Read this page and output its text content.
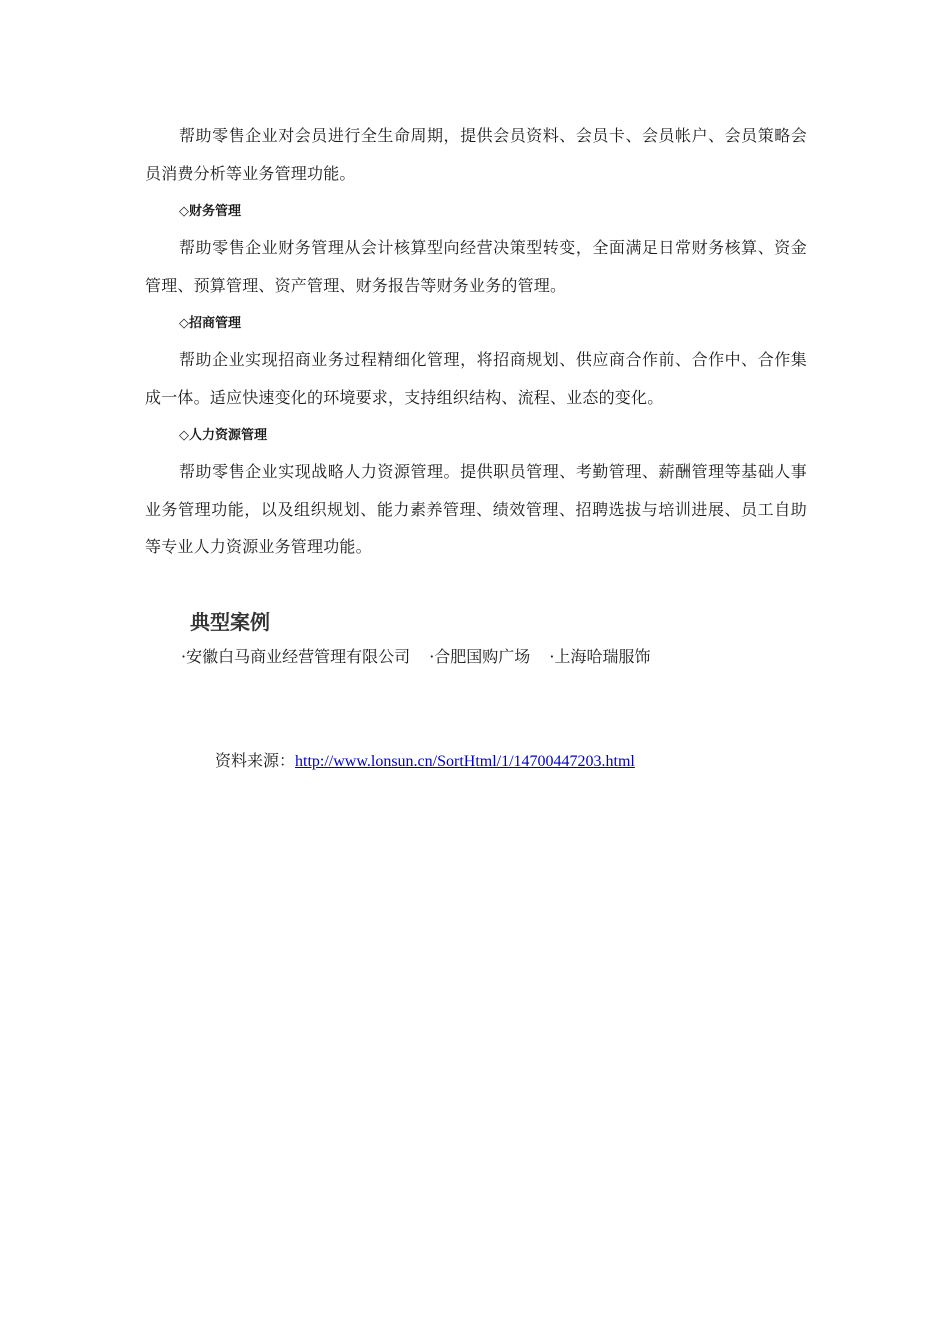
帮助零售企业对会员进行全生命周期，提供会员资料、会员卡、会员帐户、会员策略会员消费分析等业务管理功能。

◇财务管理

帮助零售企业财务管理从会计核算型向经营决策型转变，全面满足日常财务核算、资金管理、预算管理、资产管理、财务报告等财务业务的管理。

◇招商管理

帮助企业实现招商业务过程精细化管理，将招商规划、供应商合作前、合作中、合作集成一体。适应快速变化的环境要求，支持组织结构、流程、业态的变化。

◇人力资源管理

帮助零售企业实现战略人力资源管理。提供职员管理、考勤管理、薪酬管理等基础人事业务管理功能，以及组织规划、能力素养管理、绩效管理、招聘选拔与培训进展、员工自助等专业人力资源业务管理功能。

典型案例

·安徽白马商业经营管理有限公司 ·合肥国购广场 ·上海哈瑞服饰

资料来源：http://www.lonsun.cn/SortHtml/1/14700447203.html
